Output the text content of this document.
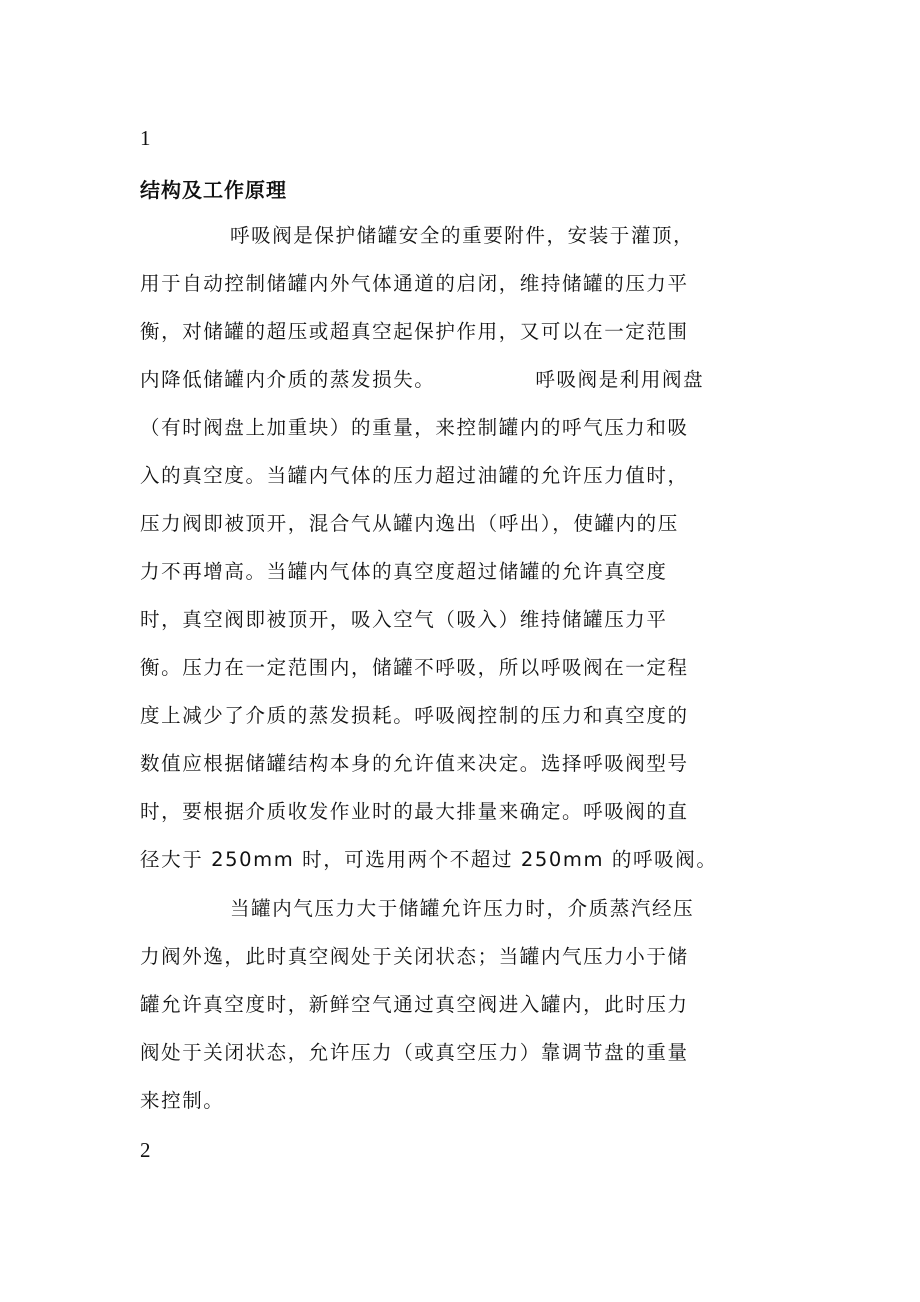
1
结构及工作原理
呼吸阀是保护储罐安全的重要附件，安装于灌顶，
用于自动控制储罐内外气体通道的启闭，维持储罐的压力平
衡，对储罐的超压或超真空起保护作用，又可以在一定范围
内降低储罐内介质的蒸发损失。	呼吸阀是利用阀盘
（有时阀盘上加重块）的重量，来控制罐内的呼气压力和吸
入的真空度。当罐内气体的压力超过油罐的允许压力值时，
压力阀即被顶开，混合气从罐内逸出（呼出），使罐内的压
力不再增高。当罐内气体的真空度超过储罐的允许真空度
时，真空阀即被顶开，吸入空气（吸入）维持储罐压力平
衡。压力在一定范围内，储罐不呼吸，所以呼吸阀在一定程
度上减少了介质的蒸发损耗。呼吸阀控制的压力和真空度的
数值应根据储罐结构本身的允许值来决定。选择呼吸阀型号
时，要根据介质收发作业时的最大排量来确定。呼吸阀的直
径大于 250mm 时，可选用两个不超过 250mm 的呼吸阀。
当罐内气压力大于储罐允许压力时，介质蒸汽经压
力阀外逸，此时真空阀处于关闭状态；当罐内气压力小于储
罐允许真空度时，新鲜空气通过真空阀进入罐内，此时压力
阀处于关闭状态，允许压力（或真空压力）靠调节盘的重量
来控制。
2
